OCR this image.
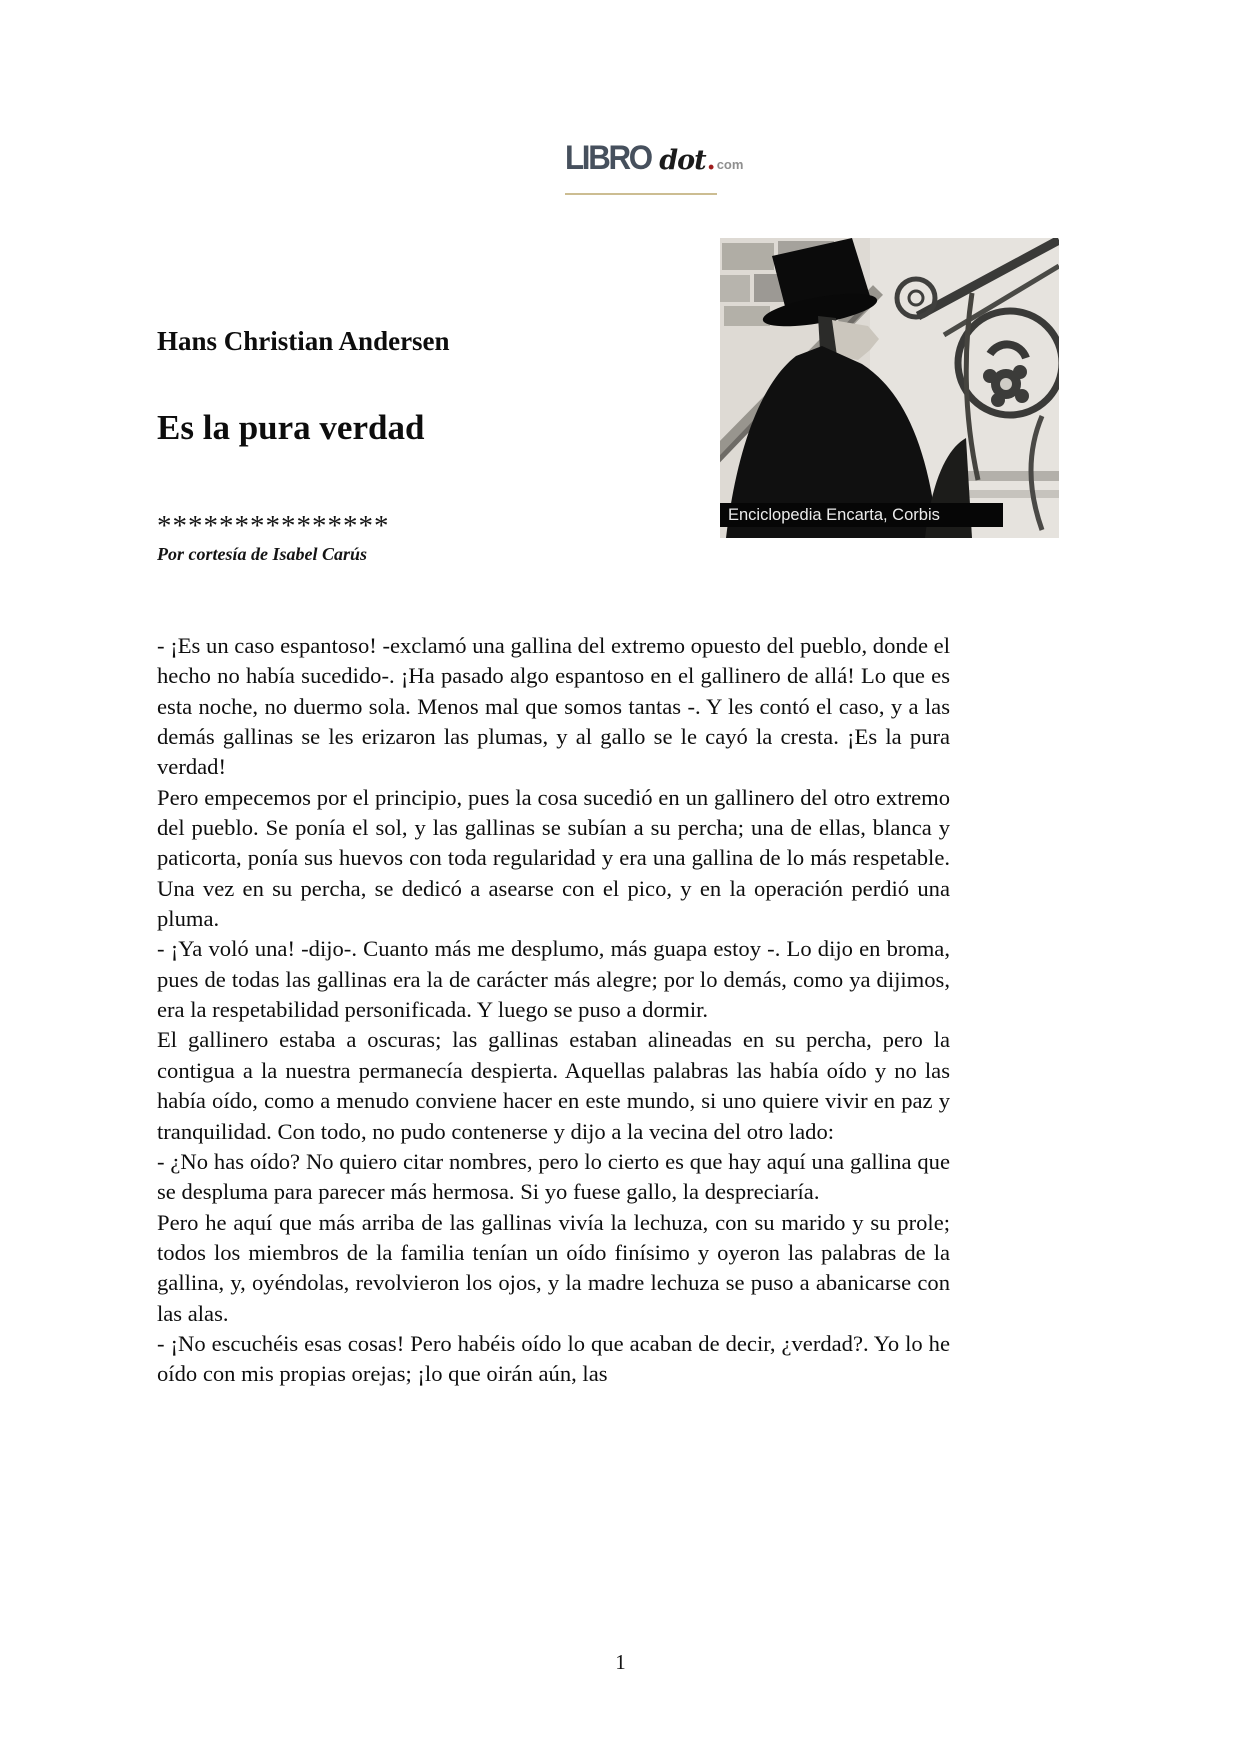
LIBRO dot . com
Enciclopedia Encarta, Corbis
Hans Christian Andersen
Es la pura verdad
***************
Por cortesía de Isabel Carús

- ¡Es un caso espantoso! -exclamó una gallina del extremo opuesto del pueblo, donde el hecho no había sucedido-. ¡Ha pasado algo espantoso en el gallinero de allá! Lo que es esta noche, no duermo sola. Menos mal que somos tantas -. Y les contó el caso, y a las demás gallinas se les erizaron las plumas, y al gallo se le cayó la cresta. ¡Es la pura verdad!

Pero empecemos por el principio, pues la cosa sucedió en un gallinero del otro extremo del pueblo. Se ponía el sol, y las gallinas se subían a su percha; una de ellas, blanca y paticorta, ponía sus huevos con toda regularidad y era una gallina de lo más respetable. Una vez en su percha, se dedicó a asearse con el pico, y en la operación perdió una pluma.

- ¡Ya voló una! -dijo-. Cuanto más me desplumo, más guapa estoy -. Lo dijo en broma, pues de todas las gallinas era la de carácter más alegre; por lo demás, como ya dijimos, era la respetabilidad personificada. Y luego se puso a dormir.

El gallinero estaba a oscuras; las gallinas estaban alineadas en su percha, pero la contigua a la nuestra permanecía despierta. Aquellas palabras las había oído y no las había oído, como a menudo conviene hacer en este mundo, si uno quiere vivir en paz y tranquilidad. Con todo, no pudo contenerse y dijo a la vecina del otro lado:

- ¿No has oído? No quiero citar nombres, pero lo cierto es que hay aquí una gallina que se despluma para parecer más hermosa. Si yo fuese gallo, la despreciaría.

Pero he aquí que más arriba de las gallinas vivía la lechuza, con su marido y su prole; todos los miembros de la familia tenían un oído finísimo y oyeron las palabras de la gallina, y, oyéndolas, revolvieron los ojos, y la madre lechuza se puso a abanicarse con las alas.

- ¡No escuchéis esas cosas! Pero habéis oído lo que acaban de decir, ¿verdad?. Yo lo he oído con mis propias orejas; ¡lo que oirán aún, las

1
